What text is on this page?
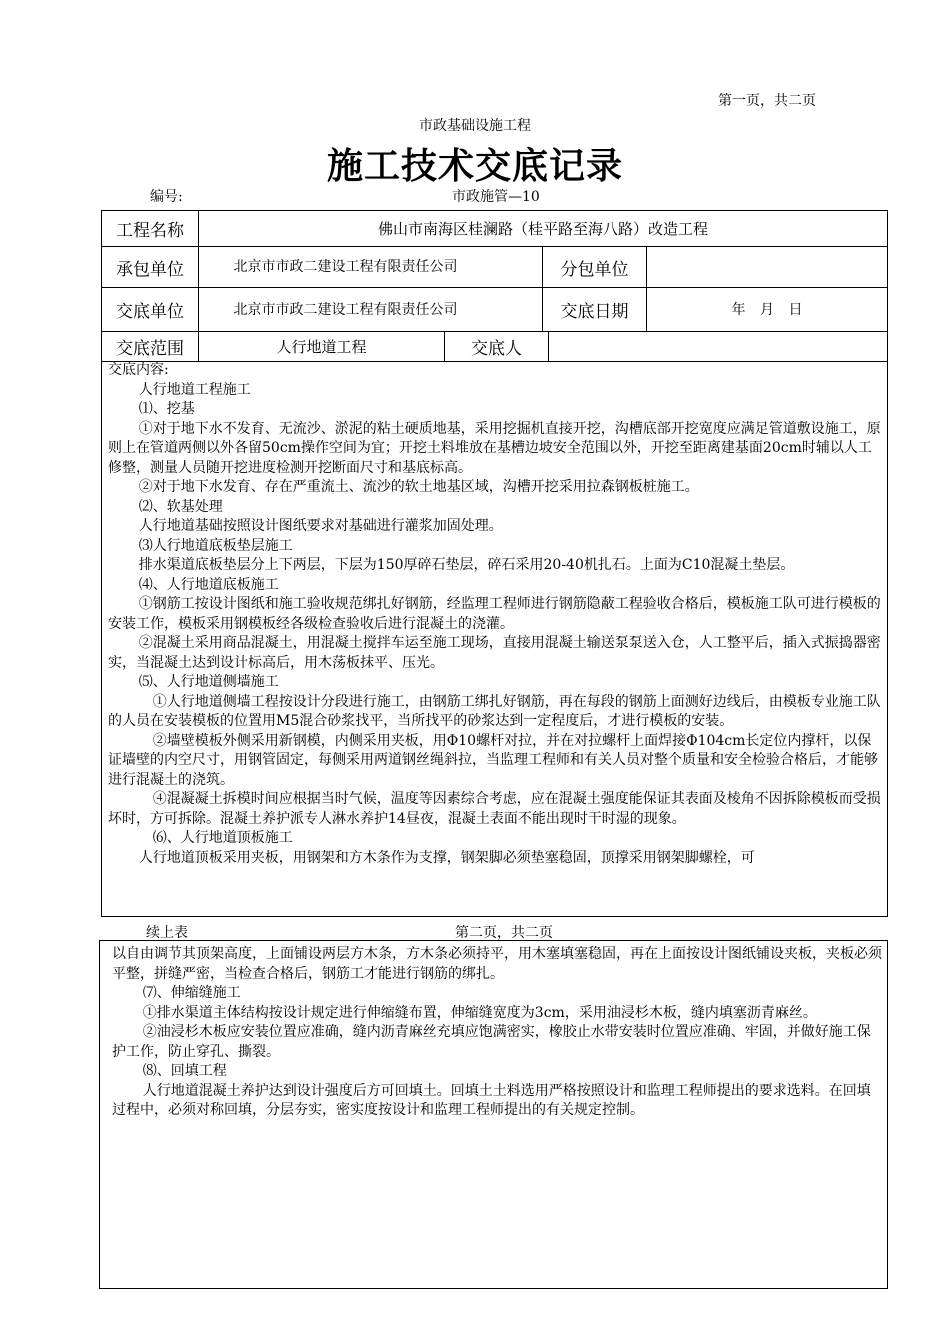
第一页，共二页
市政基础设施工程
施工技术交底记录
编号:	市政施管—10
工程名称	佛山市南海区桂澜路（桂平路至海八路）改造工程
承包单位	北京市市政二建设工程有限责任公司	分包单位
交底单位	北京市市政二建设工程有限责任公司	交底日期	年 月 日
交底范围	人行地道工程	交底人

交底内容:

人行地道工程施工

⑴、挖基

①对于地下水不发育、无流沙、淤泥的粘土硬质地基，采用挖掘机直接开挖，沟槽底部开挖宽度应满足管道敷设施工，原则上在管道两侧以外各留50cm操作空间为宜；开挖土料堆放在基槽边坡安全范围以外，开挖至距离建基面20cm时辅以人工修整，测量人员随开挖进度检测开挖断面尺寸和基底标高。

②对于地下水发育、存在严重流土、流沙的软土地基区域，沟槽开挖采用拉森钢板桩施工。

⑵、软基处理

人行地道基础按照设计图纸要求对基础进行灌浆加固处理。

⑶人行地道底板垫层施工

排水渠道底板垫层分上下两层，下层为150厚碎石垫层，碎石采用20-40机扎石。上面为C10混凝土垫层。

⑷、人行地道底板施工

①钢筋工按设计图纸和施工验收规范绑扎好钢筋，经监理工程师进行钢筋隐蔽工程验收合格后，模板施工队可进行模板的安装工作，模板采用钢模板经各级检查验收后进行混凝土的浇灌。

②混凝土采用商品混凝土，用混凝土搅拌车运至施工现场，直接用混凝土输送泵泵送入仓，人工整平后，插入式振捣器密实，当混凝土达到设计标高后，用木荡板抹平、压光。

⑸、人行地道侧墙施工

①人行地道侧墙工程按设计分段进行施工，由钢筋工绑扎好钢筋，再在每段的钢筋上面测好边线后，由模板专业施工队的人员在安装模板的位置用M5混合砂浆找平，当所找平的砂浆达到一定程度后，才进行模板的安装。

②墙壁模板外侧采用新钢模，内侧采用夹板，用Φ10螺杆对拉，并在对拉螺杆上面焊接Φ104cm长定位内撑杆，以保证墙壁的内空尺寸，用钢管固定，每侧采用两道钢丝绳斜拉，当监理工程师和有关人员对整个质量和安全检验合格后，才能够进行混凝土的浇筑。

④混凝凝土拆模时间应根据当时气候，温度等因素综合考虑，应在混凝土强度能保证其表面及棱角不因拆除模板而受损坏时，方可拆除。混凝土养护派专人淋水养护14昼夜，混凝土表面不能出现时干时湿的现象。

⑹、人行地道顶板施工

人行地道顶板采用夹板，用钢架和方木条作为支撑，钢架脚必须垫塞稳固，顶撑采用钢架脚螺栓，可

续上表	第二页，共二页

以自由调节其顶架高度，上面铺设两层方木条，方木条必须持平，用木塞填塞稳固，再在上面按设计图纸铺设夹板，夹板必须平整，拼缝严密，当检查合格后，钢筋工才能进行钢筋的绑扎。

⑺、伸缩缝施工

①排水渠道主体结构按设计规定进行伸缩缝布置，伸缩缝宽度为3cm，采用油浸杉木板，缝内填塞沥青麻丝。

②油浸杉木板应安装位置应准确，缝内沥青麻丝充填应饱满密实，橡胶止水带安装时位置应准确、牢固，并做好施工保护工作，防止穿孔、撕裂。

⑻、回填工程

人行地道混凝土养护达到设计强度后方可回填土。回填土土料选用严格按照设计和监理工程师提出的要求选料。在回填过程中，必须对称回填，分层夯实，密实度按设计和监理工程师提出的有关规定控制。
